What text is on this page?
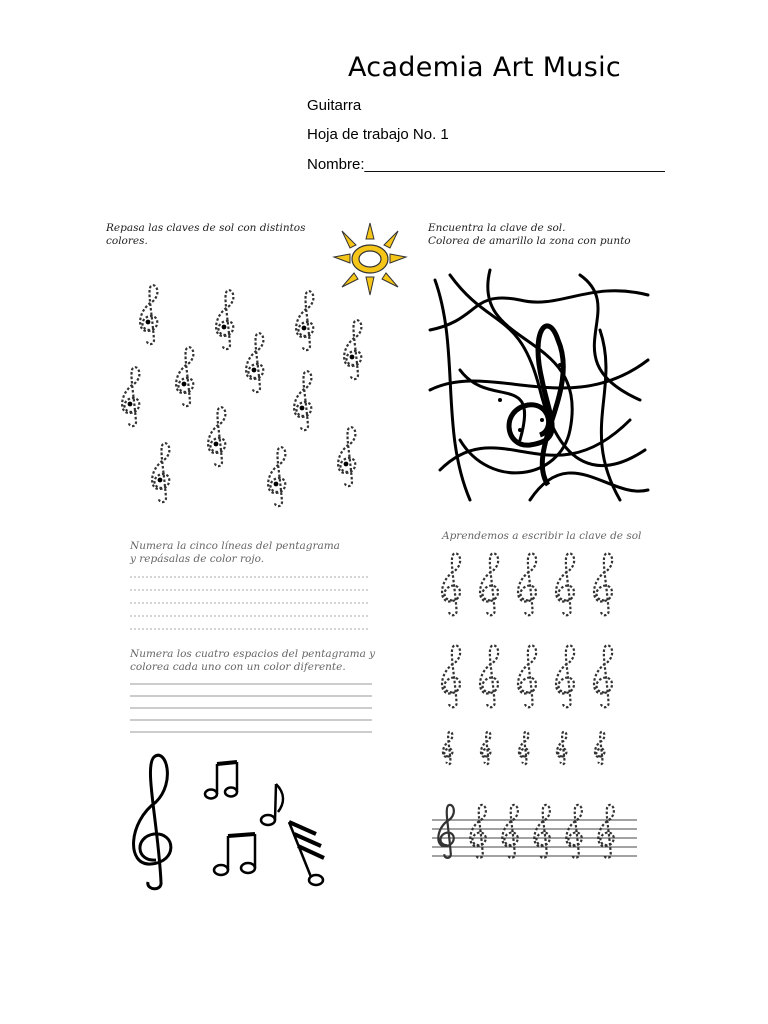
Academia Art Music
Guitarra
Hoja de trabajo No. 1
Nombre:____________________________________
Repasa las claves de sol con distintos
colores.
Encuentra la clave de sol.
Colorea de amarillo la zona con punto
Numera la cinco líneas del pentagrama
y repásalas de color rojo.
Numera los cuatro espacios del pentagrama y
colorea cada uno con un color diferente.
Aprendemos a escribir la clave de sol
